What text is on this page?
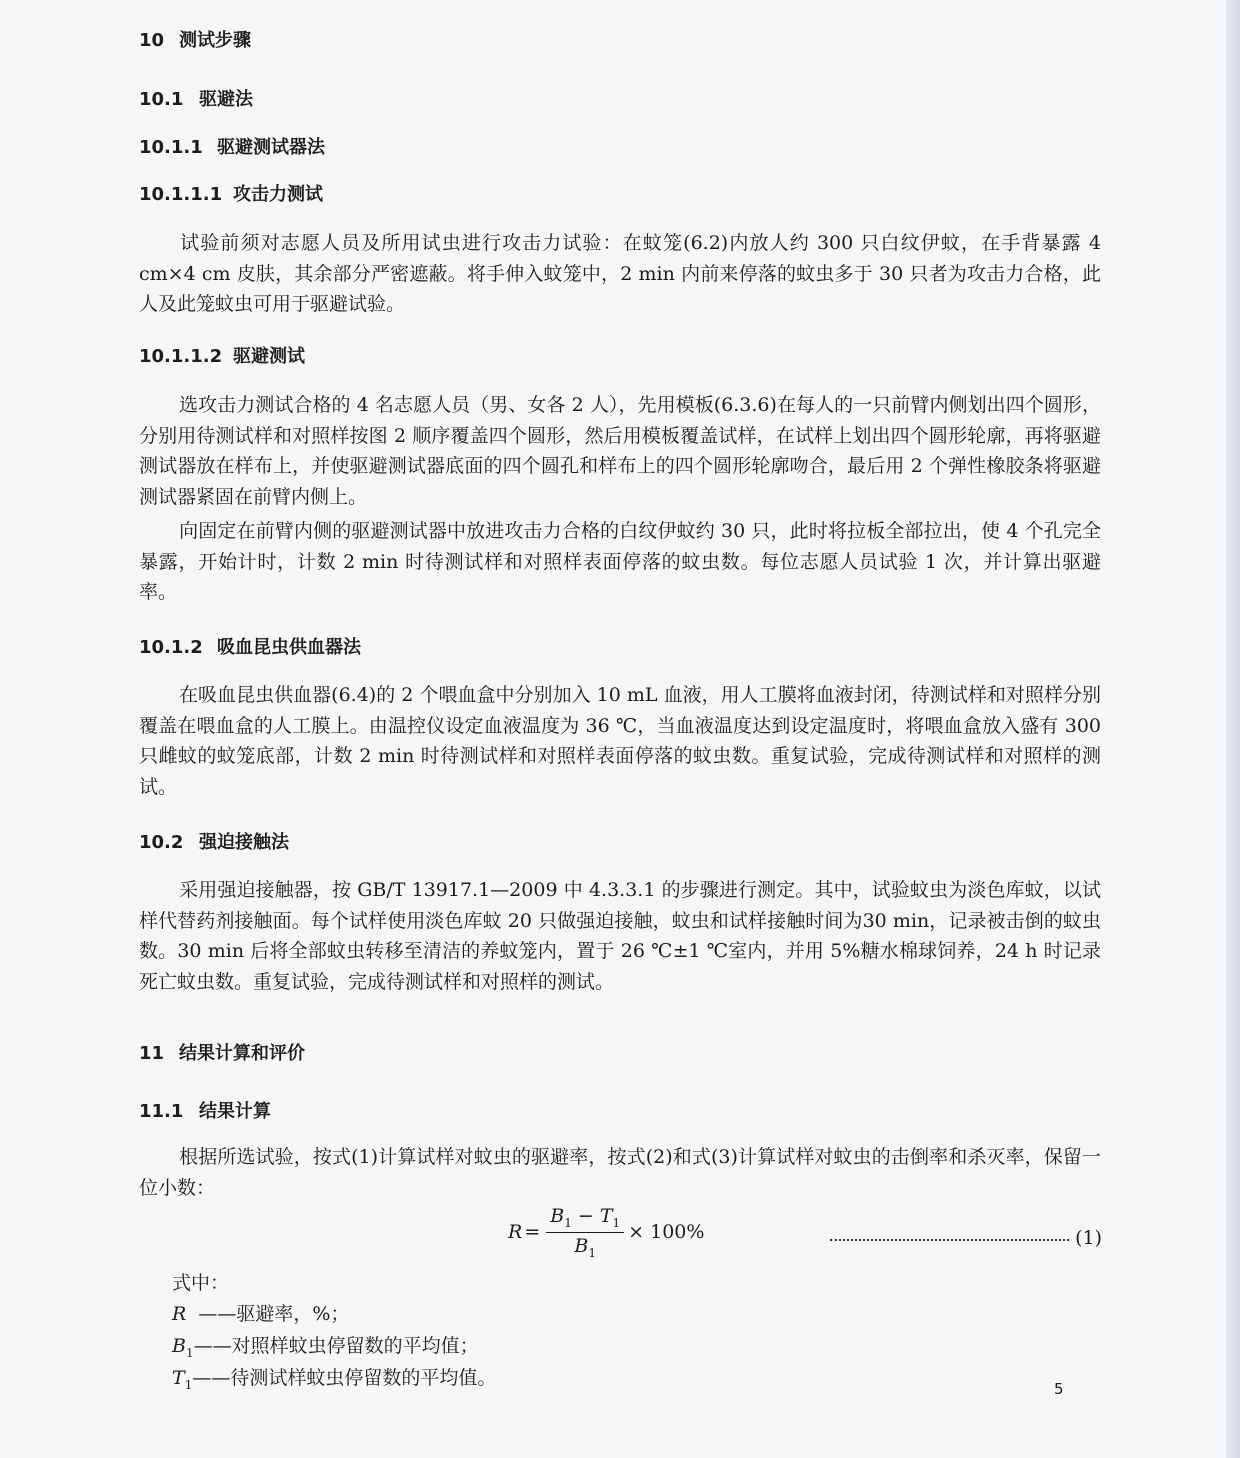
10 测试步骤
10.1 驱避法
10.1.1 驱避测试器法
10.1.1.1 攻击力测试
试验前须对志愿人员及所用试虫进行攻击力试验：在蚊笼(6.2)内放人约 300 只白纹伊蚊，在手背暴露 4 cm×4 cm 皮肤，其余部分严密遮蔽。将手伸入蚊笼中，2 min 内前来停落的蚊虫多于 30 只者为攻击力合格，此人及此笼蚊虫可用于驱避试验。
10.1.1.2 驱避测试
选攻击力测试合格的 4 名志愿人员（男、女各 2 人），先用模板(6.3.6)在每人的一只前臂内侧划出四个圆形，分别用待测试样和对照样按图 2 顺序覆盖四个圆形，然后用模板覆盖试样，在试样上划出四个圆形轮廓，再将驱避测试器放在样布上，并使驱避测试器底面的四个圆孔和样布上的四个圆形轮廓吻合，最后用 2 个弹性橡胶条将驱避测试器紧固在前臂内侧上。
向固定在前臂内侧的驱避测试器中放进攻击力合格的白纹伊蚊约 30 只，此时将拉板全部拉出，使 4 个孔完全暴露，开始计时，计数 2 min 时待测试样和对照样表面停落的蚊虫数。每位志愿人员试验 1 次，并计算出驱避率。
10.1.2 吸血昆虫供血器法
在吸血昆虫供血器(6.4)的 2 个喂血盒中分别加入 10 mL 血液，用人工膜将血液封闭，待测试样和对照样分别覆盖在喂血盒的人工膜上。由温控仪设定血液温度为 36 ℃，当血液温度达到设定温度时，将喂血盒放入盛有 300 只雌蚊的蚊笼底部，计数 2 min 时待测试样和对照样表面停落的蚊虫数。重复试验，完成待测试样和对照样的测试。
10.2 强迫接触法
采用强迫接触器，按 GB/T 13917.1—2009 中 4.3.3.1 的步骤进行测定。其中，试验蚊虫为淡色库蚊，以试样代替药剂接触面。每个试样使用淡色库蚊 20 只做强迫接触，蚊虫和试样接触时间为30 min，记录被击倒的蚊虫数。30 min 后将全部蚊虫转移至清洁的养蚊笼内，置于 26 ℃±1 ℃室内，并用 5%糖水棉球饲养，24 h 时记录死亡蚊虫数。重复试验，完成待测试样和对照样的测试。
11 结果计算和评价
11.1 结果计算
根据所选试验，按式(1)计算试样对蚊虫的驱避率，按式(2)和式(3)计算试样对蚊虫的击倒率和杀灭率，保留一位小数：
$R = \frac{B_1 - T_1}{B_1} \times 100\%$	(1)
式中：
R ——驱避率，%；
$B_1——$对照样蚊虫停留数的平均值；
$T_1——$待测试样蚊虫停留数的平均值。	5
